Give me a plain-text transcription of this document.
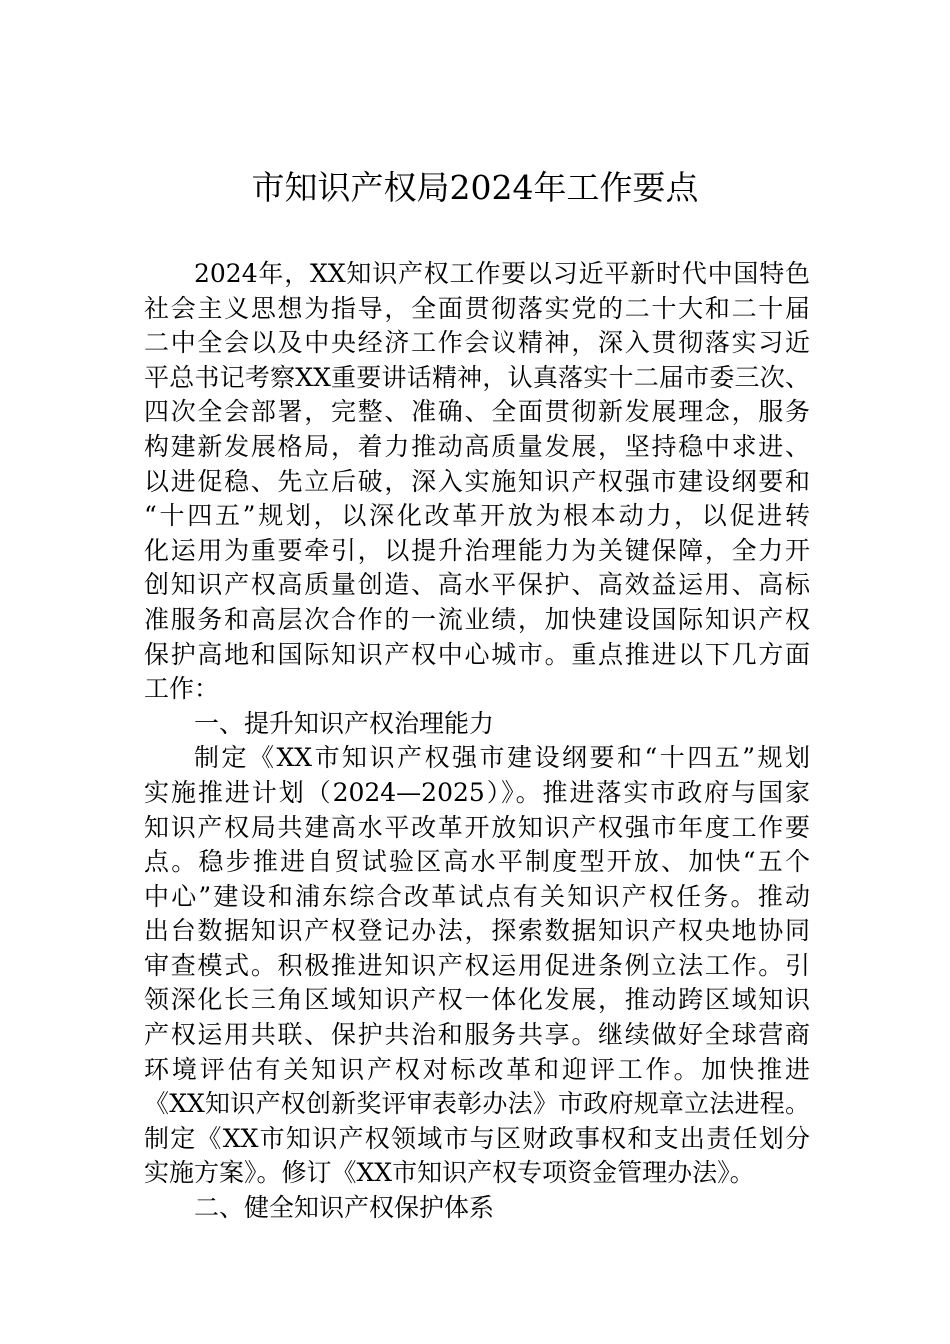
市知识产权局2024年工作要点
2024年，XX知识产权工作要以习近平新时代中国特色
社会主义思想为指导，全面贯彻落实党的二十大和二十届
二中全会以及中央经济工作会议精神，深入贯彻落实习近
平总书记考察XX重要讲话精神，认真落实十二届市委三次、
四次全会部署，完整、准确、全面贯彻新发展理念，服务
构建新发展格局，着力推动高质量发展，坚持稳中求进、
以进促稳、先立后破，深入实施知识产权强市建设纲要和
“十四五”规划，以深化改革开放为根本动力，以促进转
化运用为重要牵引，以提升治理能力为关键保障，全力开
创知识产权高质量创造、高水平保护、高效益运用、高标
准服务和高层次合作的一流业绩，加快建设国际知识产权
保护高地和国际知识产权中心城市。重点推进以下几方面
工作：
一、提升知识产权治理能力
制定《XX市知识产权强市建设纲要和“十四五”规划
实施推进计划（2024—2025）》。推进落实市政府与国家
知识产权局共建高水平改革开放知识产权强市年度工作要
点。稳步推进自贸试验区高水平制度型开放、加快“五个
中心”建设和浦东综合改革试点有关知识产权任务。推动
出台数据知识产权登记办法，探索数据知识产权央地协同
审查模式。积极推进知识产权运用促进条例立法工作。引
领深化长三角区域知识产权一体化发展，推动跨区域知识
产权运用共联、保护共治和服务共享。继续做好全球营商
环境评估有关知识产权对标改革和迎评工作。加快推进
《XX知识产权创新奖评审表彰办法》市政府规章立法进程。
制定《XX市知识产权领域市与区财政事权和支出责任划分
实施方案》。修订《XX市知识产权专项资金管理办法》。
二、健全知识产权保护体系
